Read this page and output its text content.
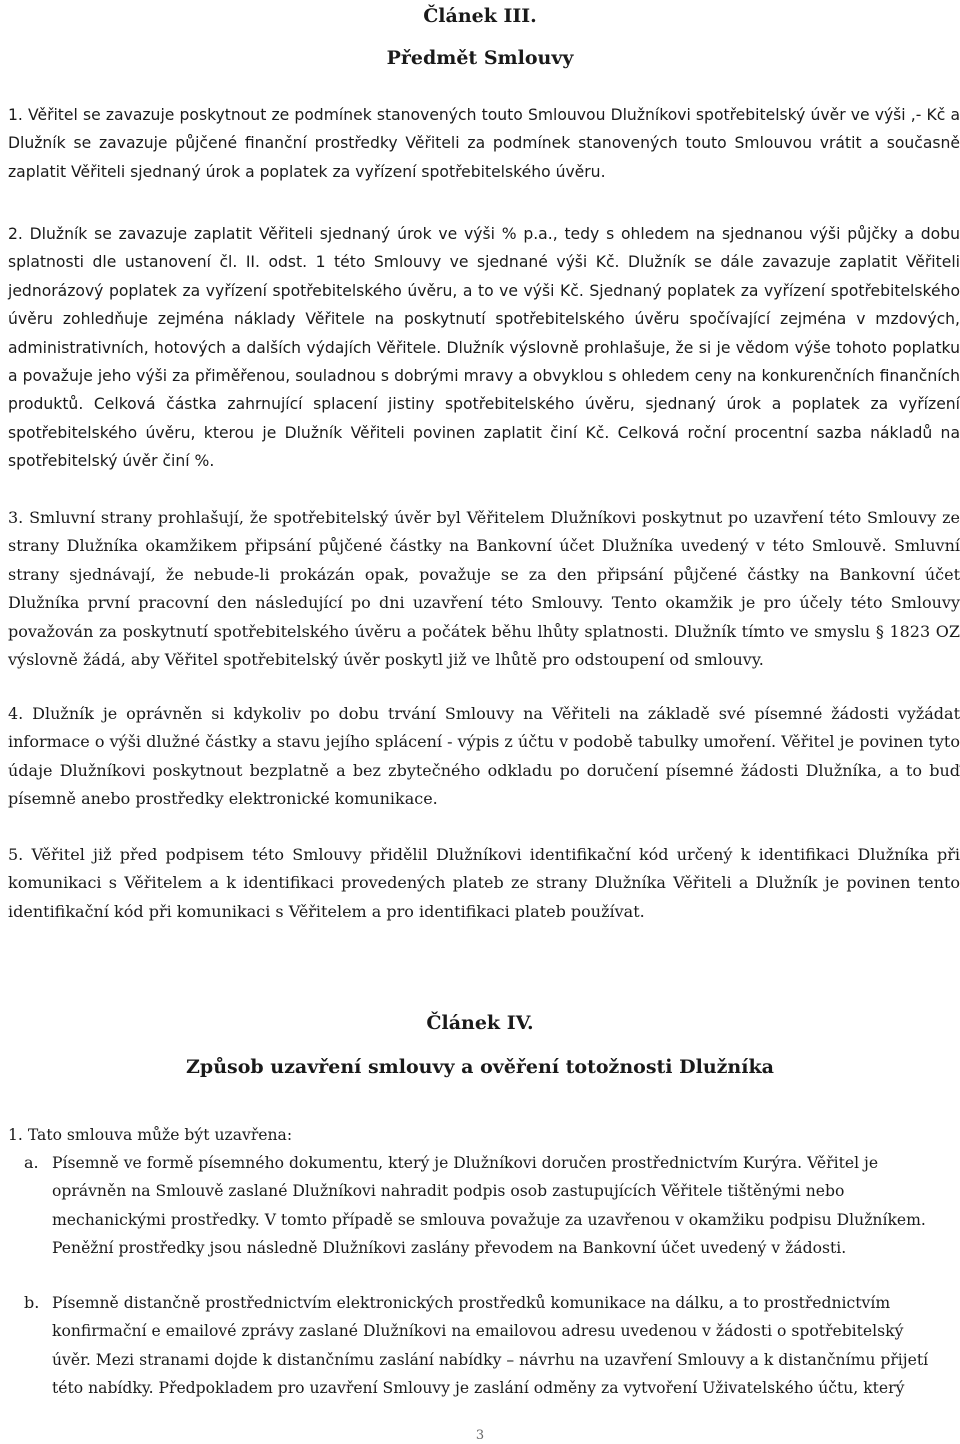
Článek III.
Předmět Smlouvy
1. Věřitel se zavazuje poskytnout ze podmínek stanovených touto Smlouvou Dlužníkovi spotřebitelský úvěr ve výši ,- Kč a Dlužník se zavazuje půjčené finanční prostředky Věřiteli za podmínek stanovených touto Smlouvou vrátit a současně zaplatit Věřiteli sjednaný úrok a poplatek za vyřízení spotřebitelského úvěru.
2. Dlužník se zavazuje zaplatit Věřiteli sjednaný úrok ve výši % p.a., tedy s ohledem na sjednanou výši půjčky a dobu splatnosti dle ustanovení čl. II. odst. 1 této Smlouvy ve sjednané výši Kč. Dlužník se dále zavazuje zaplatit Věřiteli jednorázový poplatek za vyřízení spotřebitelského úvěru, a to ve výši Kč. Sjednaný poplatek za vyřízení spotřebitelského úvěru zohledňuje zejména náklady Věřitele na poskytnutí spotřebitelského úvěru spočívající zejména v mzdových, administrativních, hotových a dalších výdajích Věřitele. Dlužník výslovně prohlašuje, že si je vědom výše tohoto poplatku a považuje jeho výši za přiměřenou, souladnou s dobrými mravy a obvyklou s ohledem ceny na konkurenčních finančních produktů. Celková částka zahrnující splacení jistiny spotřebitelského úvěru, sjednaný úrok a poplatek za vyřízení spotřebitelského úvěru, kterou je Dlužník Věřiteli povinen zaplatit činí Kč. Celková roční procentní sazba nákladů na spotřebitelský úvěr činí %.
3. Smluvní strany prohlašují, že spotřebitelský úvěr byl Věřitelem Dlužníkovi poskytnut po uzavření této Smlouvy ze strany Dlužníka okamžikem připsání půjčené částky na Bankovní účet Dlužníka uvedený v této Smlouvě. Smluvní strany sjednávají, že nebude-li prokázán opak, považuje se za den připsání půjčené částky na Bankovní účet Dlužníka první pracovní den následující po dni uzavření této Smlouvy. Tento okamžik je pro účely této Smlouvy považován za poskytnutí spotřebitelského úvěru a počátek běhu lhůty splatnosti. Dlužník tímto ve smyslu § 1823 OZ výslovně žádá, aby Věřitel spotřebitelský úvěr poskytl již ve lhůtě pro odstoupení od smlouvy.
4. Dlužník je oprávněn si kdykoliv po dobu trvání Smlouvy na Věřiteli na základě své písemné žádosti vyžádat informace o výši dlužné částky a stavu jejího splácení - výpis z účtu v podobě tabulky umoření. Věřitel je povinen tyto údaje Dlužníkovi poskytnout bezplatně a bez zbytečného odkladu po doručení písemné žádosti Dlužníka, a to buď písemně anebo prostředky elektronické komunikace.
5. Věřitel již před podpisem této Smlouvy přidělil Dlužníkovi identifikační kód určený k identifikaci Dlužníka při komunikaci s Věřitelem a k identifikaci provedených plateb ze strany Dlužníka Věřiteli a Dlužník je povinen tento identifikační kód při komunikaci s Věřitelem a pro identifikaci plateb používat.
Článek IV.
Způsob uzavření smlouvy a ověření totožnosti Dlužníka
1. Tato smlouva může být uzavřena:
a. Písemně ve formě písemného dokumentu, který je Dlužníkovi doručen prostřednictvím Kurýra. Věřitel je oprávněn na Smlouvě zaslané Dlužníkovi nahradit podpis osob zastupujících Věřitele tištěnými nebo mechanickými prostředky. V tomto případě se smlouva považuje za uzavřenou v okamžiku podpisu Dlužníkem. Peněžní prostředky jsou následně Dlužníkovi zaslány převodem na Bankovní účet uvedený v žádosti.
b. Písemně distančně prostřednictvím elektronických prostředků komunikace na dálku, a to prostřednictvím konfirmační e emailové zprávy zaslané Dlužníkovi na emailovou adresu uvedenou v žádosti o spotřebitelský úvěr. Mezi stranami dojde k distančnímu zaslání nabídky – návrhu na uzavření Smlouvy a k distančnímu přijetí této nabídky. Předpokladem pro uzavření Smlouvy je zaslání odměny za vytvoření Uživatelského účtu, který
3
